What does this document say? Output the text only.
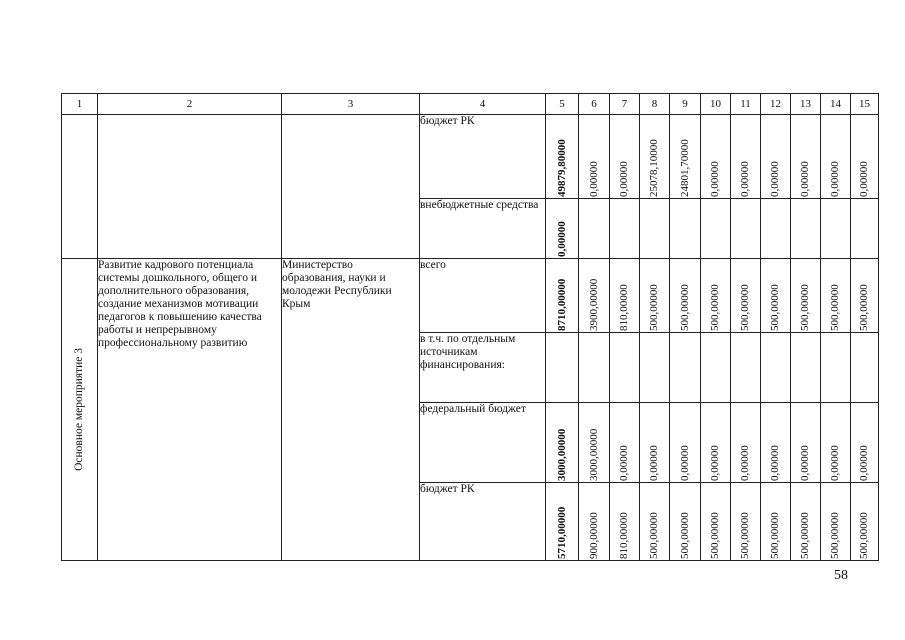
1	2	3	4	5	6	7	8	9	10	11	12	13	14	15
			бюджет РК	49879,80000	0,00000	0,00000	25078,10000	24801,70000	0,00000	0,00000	0,00000	0,00000	0,00000	0,00000

			внебюджетные средства	0,00000										

Основное мероприятие 3	Развитие кадрового потенциала системы дошкольного, общего и дополнительного образования, создание механизмов мотивации педагогов к повышению качества работы и непрерывному профессиональному развитию	Министерство образования, науки и молодежи Республики Крым	всего	8710,00000	3900,00000	810,00000	500,00000	500,00000	500,00000	500,00000	500,00000	500,00000	500,00000	500,00000

			в т.ч. по отдельным источникам финансирования:	

			федеральный бюджет	3000,00000	3000,00000	0,00000	0,00000	0,00000	0,00000	0,00000	0,00000	0,00000	0,00000	0,00000

			бюджет РК	5710,00000	900,00000	810,00000	500,00000	500,00000	500,00000	500,00000	500,00000	500,00000	500,00000	500,00000
58
